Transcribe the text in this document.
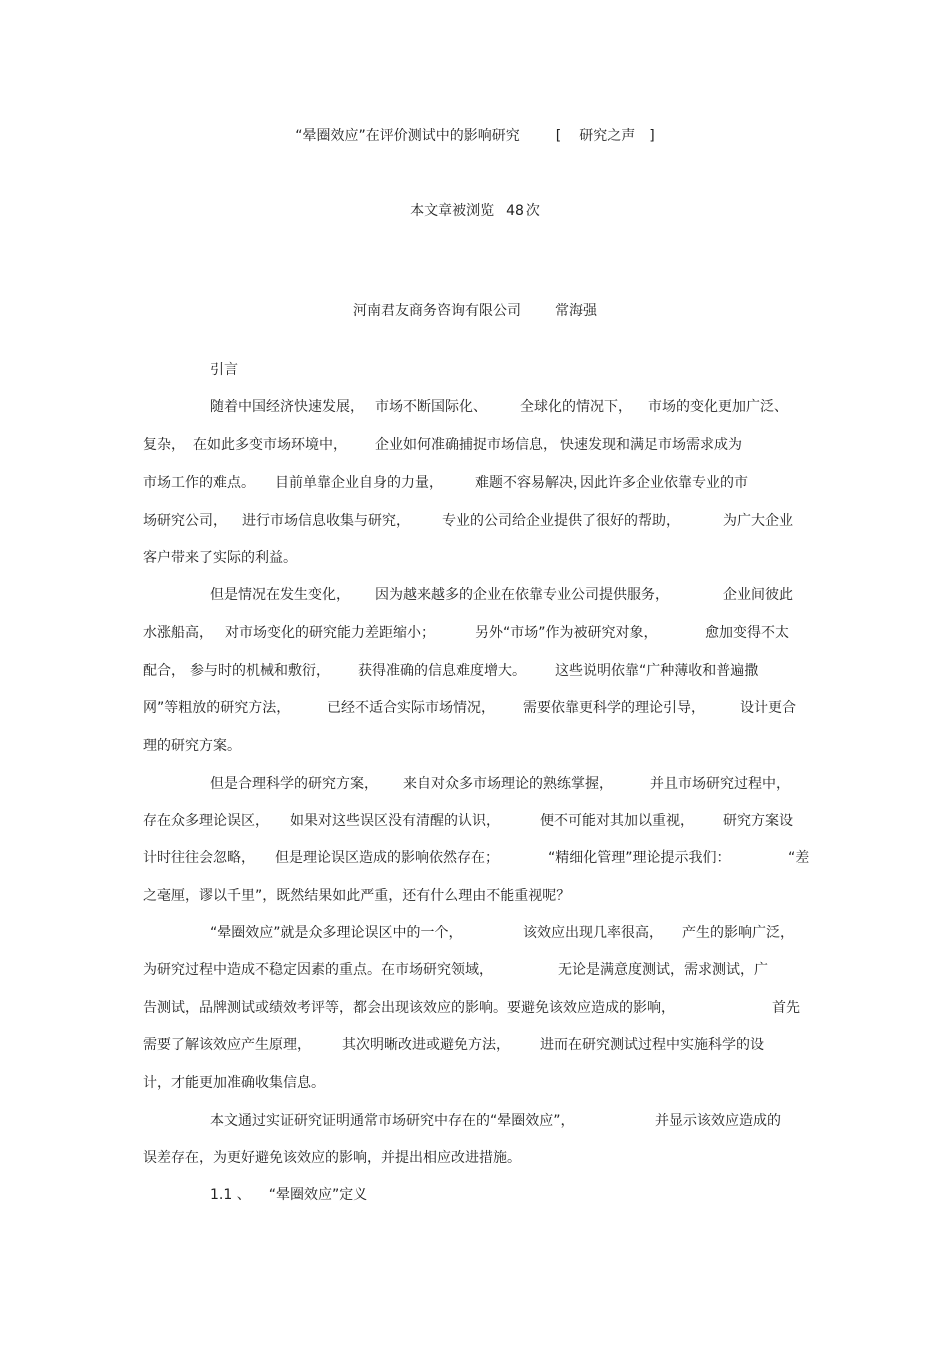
“晕圈效应”在评价测试中的影响研究	[ 研究之声 ]
本文章被浏览 48 次
河南君友商务咨询有限公司 常海强
引言
随着中国经济快速发展， 市场不断国际化、 全球化的情况下， 市场的变化更加广泛、
复杂， 在如此多变市场环境中， 企业如何准确捕捉市场信息， 快速发现和满足市场需求成为
市场工作的难点。 目前单靠企业自身的力量， 难题不容易解决，
因此许多企业依靠专业的市
场研究公司， 进行市场信息收集与研究， 专业的公司给企业提供了很好的帮助，	为广大企业
客户带来了实际的利益。
但是情况在发生变化， 因为越来越多的企业在依靠专业公司提供服务，	企业间彼此
水涨船高， 对市场变化的研究能力差距缩小；	另外“市场”作为被研究对象，	愈加变得不太
配合， 参与时的机械和敷衍， 获得准确的信息难度增大。 这些说明依靠“广种薄收和普遍撒
网”等粗放的研究方法，	已经不适合实际市场情况， 需要依靠更科学的理论引导，	设计更合
理的研究方案。
但是合理科学的研究方案， 来自对众多市场理论的熟练掌握，	并且市场研究过程中，
存在众多理论误区， 如果对这些误区没有清醒的认识，	便不可能对其加以重视， 研究方案设
计时往往会忽略， 但是理论误区造成的影响依然存在；	“精细化管理”理论提示我们：	“差
之毫厘，谬以千里”，既然结果如此严重，还有什么理由不能重视呢？
“晕圈效应”就是众多理论误区中的一个，	该效应出现几率很高， 产生的影响广泛，
为研究过程中造成不稳定因素的重点。在市场研究领域，	无论是满意度测试，需求测试，广
告测试，品牌测试或绩效考评等，都会出现该效应的影响。要避免该效应造成的影响，	首先
需要了解该效应产生原理， 其次明晰改进或避免方法， 进而在研究测试过程中实施科学的设
计，才能更加准确收集信息。
本文通过实证研究证明通常市场研究中存在的“晕圈效应”，	并显示该效应造成的
误差存在，为更好避免该效应的影响，并提出相应改进措施。
1.1 、 “晕圈效应”定义
